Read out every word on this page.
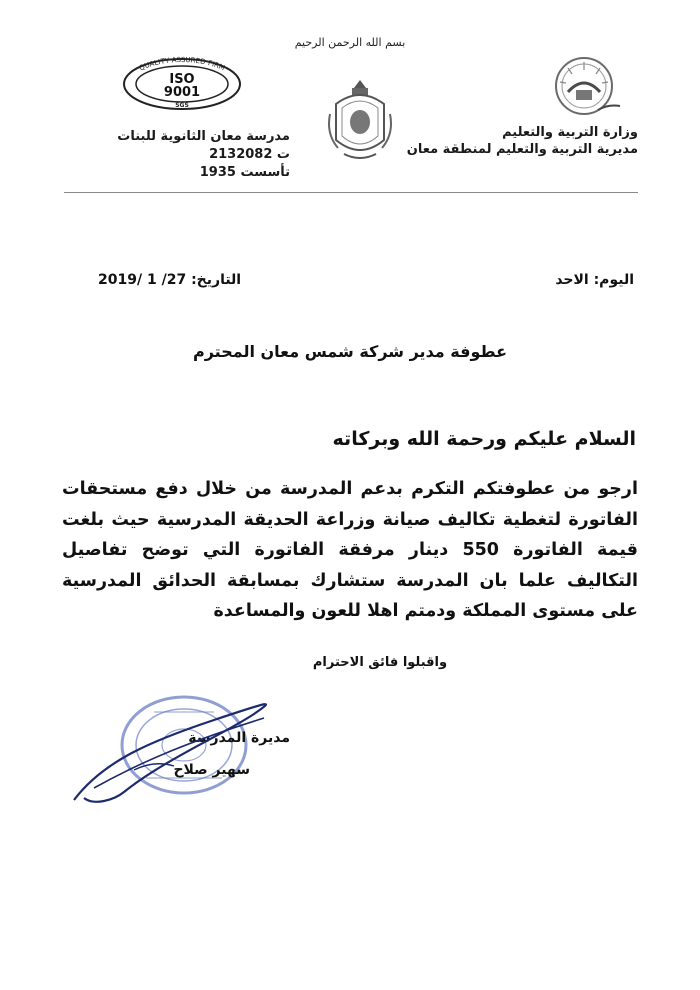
بسم الله الرحمن الرحيم
وزارة التربية والتعليم
مديرية التربية والتعليم لمنطقة معان
QUALITY ASSURED FIRM
ISO
9001
SGS
مدرسة معان الثانوية للبنات
ت 2132082
تأسست 1935
اليوم: الاحد
التاريخ: 27/ 1 /2019
عطوفة مدير شركة شمس معان المحترم
السلام عليكم ورحمة الله وبركاته
ارجو من عطوفتكم التكرم بدعم المدرسة من خلال دفع مستحقات الفاتورة لتغطية تكاليف صيانة وزراعة الحديقة المدرسية حيث بلغت قيمة الفاتورة 550 دينار مرفقة الفاتورة التي توضح تفاصيل التكاليف علما بان المدرسة ستشارك بمسابقة الحدائق المدرسية على مستوى المملكة ودمتم اهلا للعون والمساعدة
واقبلوا فائق الاحترام
مديرة المدرسة
سهير صلاح
